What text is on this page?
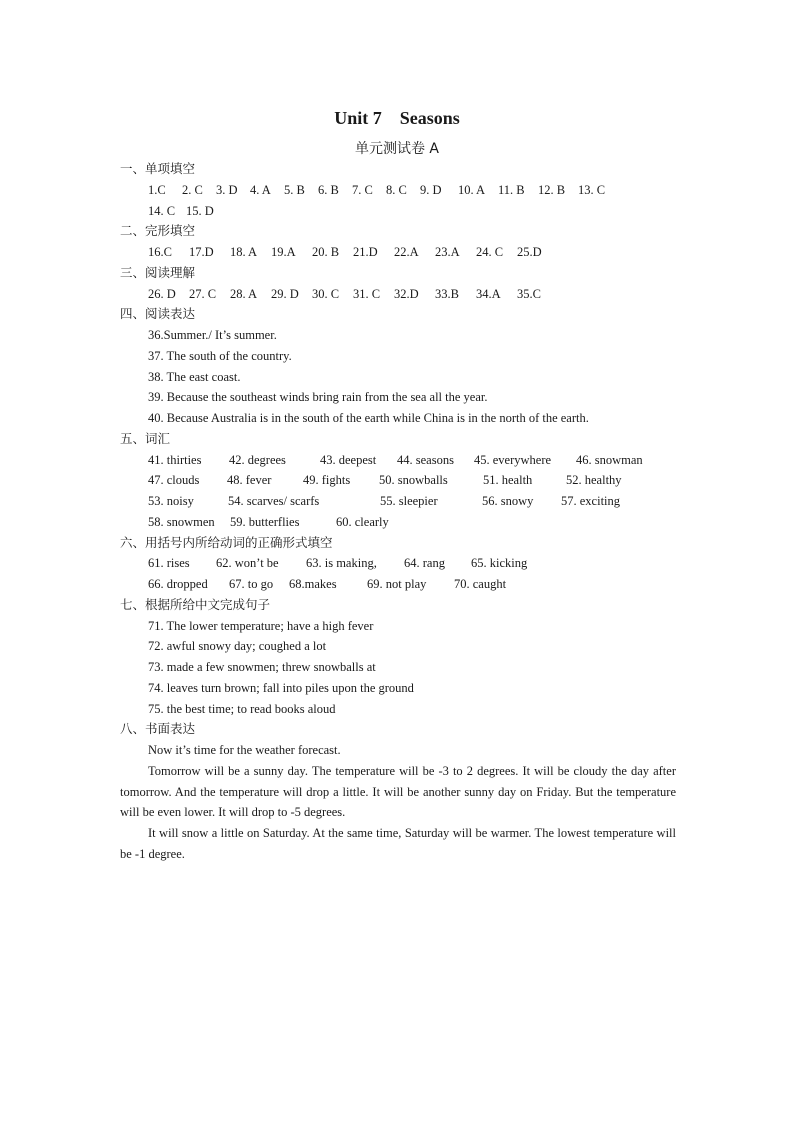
Unit 7    Seasons
单元测试卷 A
一、单项填空
1.C	2. C	3. D 4. A	5. B	6. B	7. C	8. C	9. D	10. A	11. B	12. B	13. C
14. C 15. D
二、完形填空
16.C	17.D	18. A	19.A	20. B	21.D	22.A	23.A	24. C	25.D
三、阅读理解
26. D	27. C	28. A	29. D	30. C	31. C	32.D	33.B	34.A	35.C
四、阅读表达
36.Summer./ It’s summer.
37. The south of the country.
38. The east coast.
39. Because the southeast winds bring rain from the sea all the year.
40. Because Australia is in the south of the earth while China is in the north of the earth.
五、词汇
41. thirties	42. degrees	43. deepest	44. seasons	45. everywhere	46. snowman
47. clouds	48. fever	49. fights	50. snowballs	51. health	52. healthy
53. noisy	54. scarves/ scarfs	55. sleepier	56. snowy	57. exciting
58. snowmen	59. butterflies	60. clearly
六、用括号内所给动词的正确形式填空
61. rises	62. won’t be	63. is making,	64. rang	65. kicking
66. dropped	67. to go	68.makes	69. not play	70. caught
七、根据所给中文完成句子
71. The lower temperature; have a high fever
72. awful snowy day; coughed a lot
73. made a few snowmen; threw snowballs at
74. leaves turn brown; fall into piles upon the ground
75. the best time; to read books aloud
八、书面表达
Now it’s time for the weather forecast.
Tomorrow will be a sunny day. The temperature will be -3 to 2 degrees. It will be cloudy the day after tomorrow. And the temperature will drop a little. It will be another sunny day on Friday. But the temperature will be even lower. It will drop to -5 degrees.
It will snow a little on Saturday. At the same time, Saturday will be warmer. The lowest temperature will be -1 degree.
